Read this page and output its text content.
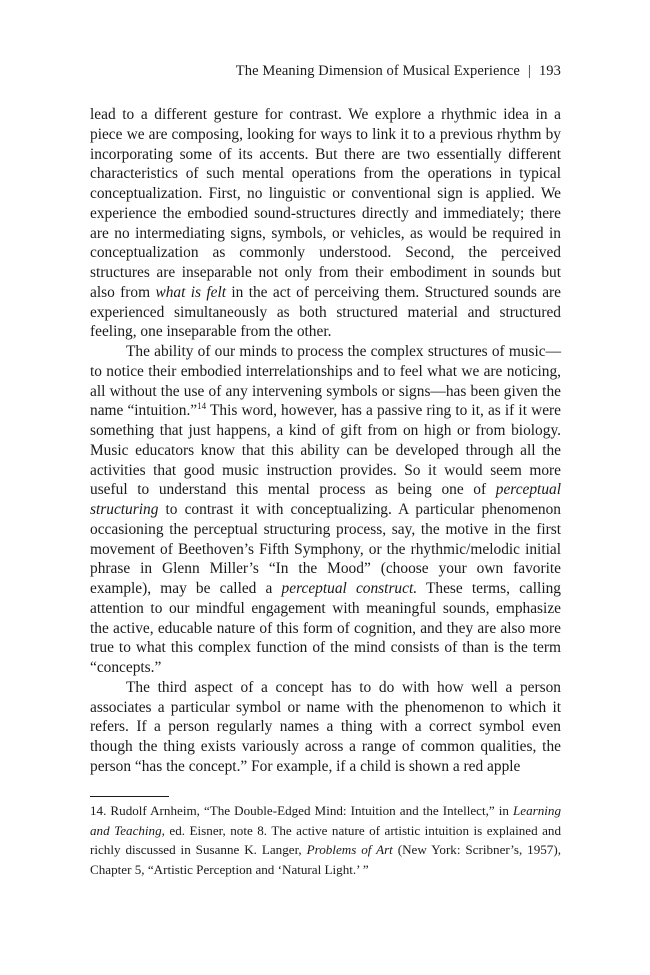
The Meaning Dimension of Musical Experience | 193

lead to a different gesture for contrast. We explore a rhythmic idea in a piece we are composing, looking for ways to link it to a previous rhythm by incorporating some of its accents. But there are two essentially different characteristics of such mental operations from the operations in typical conceptualization. First, no linguistic or conventional sign is applied. We experience the embodied sound-structures directly and immediately; there are no intermediating signs, symbols, or vehicles, as would be required in conceptualization as commonly understood. Second, the perceived structures are inseparable not only from their embodiment in sounds but also from what is felt in the act of perceiving them. Structured sounds are experienced simultaneously as both structured material and structured feeling, one inseparable from the other.

The ability of our minds to process the complex structures of music—to notice their embodied interrelationships and to feel what we are noticing, all without the use of any intervening symbols or signs—has been given the name “intuition.”$^{14}$ This word, however, has a passive ring to it, as if it were something that just happens, a kind of gift from on high or from biology. Music educators know that this ability can be developed through all the activities that good music instruction provides. So it would seem more useful to understand this mental process as being one of perceptual structuring to contrast it with conceptualizing. A particular phenomenon occasioning the perceptual structuring process, say, the motive in the first movement of Beethoven’s Fifth Symphony, or the rhythmic/melodic initial phrase in Glenn Miller’s “In the Mood” (choose your own favorite example), may be called a perceptual construct. These terms, calling attention to our mindful engagement with meaningful sounds, emphasize the active, educable nature of this form of cognition, and they are also more true to what this complex function of the mind consists of than is the term “concepts.”

The third aspect of a concept has to do with how well a person associates a particular symbol or name with the phenomenon to which it refers. If a person regularly names a thing with a correct symbol even though the thing exists variously across a range of common qualities, the person “has the concept.” For example, if a child is shown a red apple

14. Rudolf Arnheim, “The Double-Edged Mind: Intuition and the Intellect,” in Learning and Teaching, ed. Eisner, note 8. The active nature of artistic intuition is explained and richly discussed in Susanne K. Langer, Problems of Art (New York: Scribner’s, 1957), Chapter 5, “Artistic Perception and ‘Natural Light.’ ”
